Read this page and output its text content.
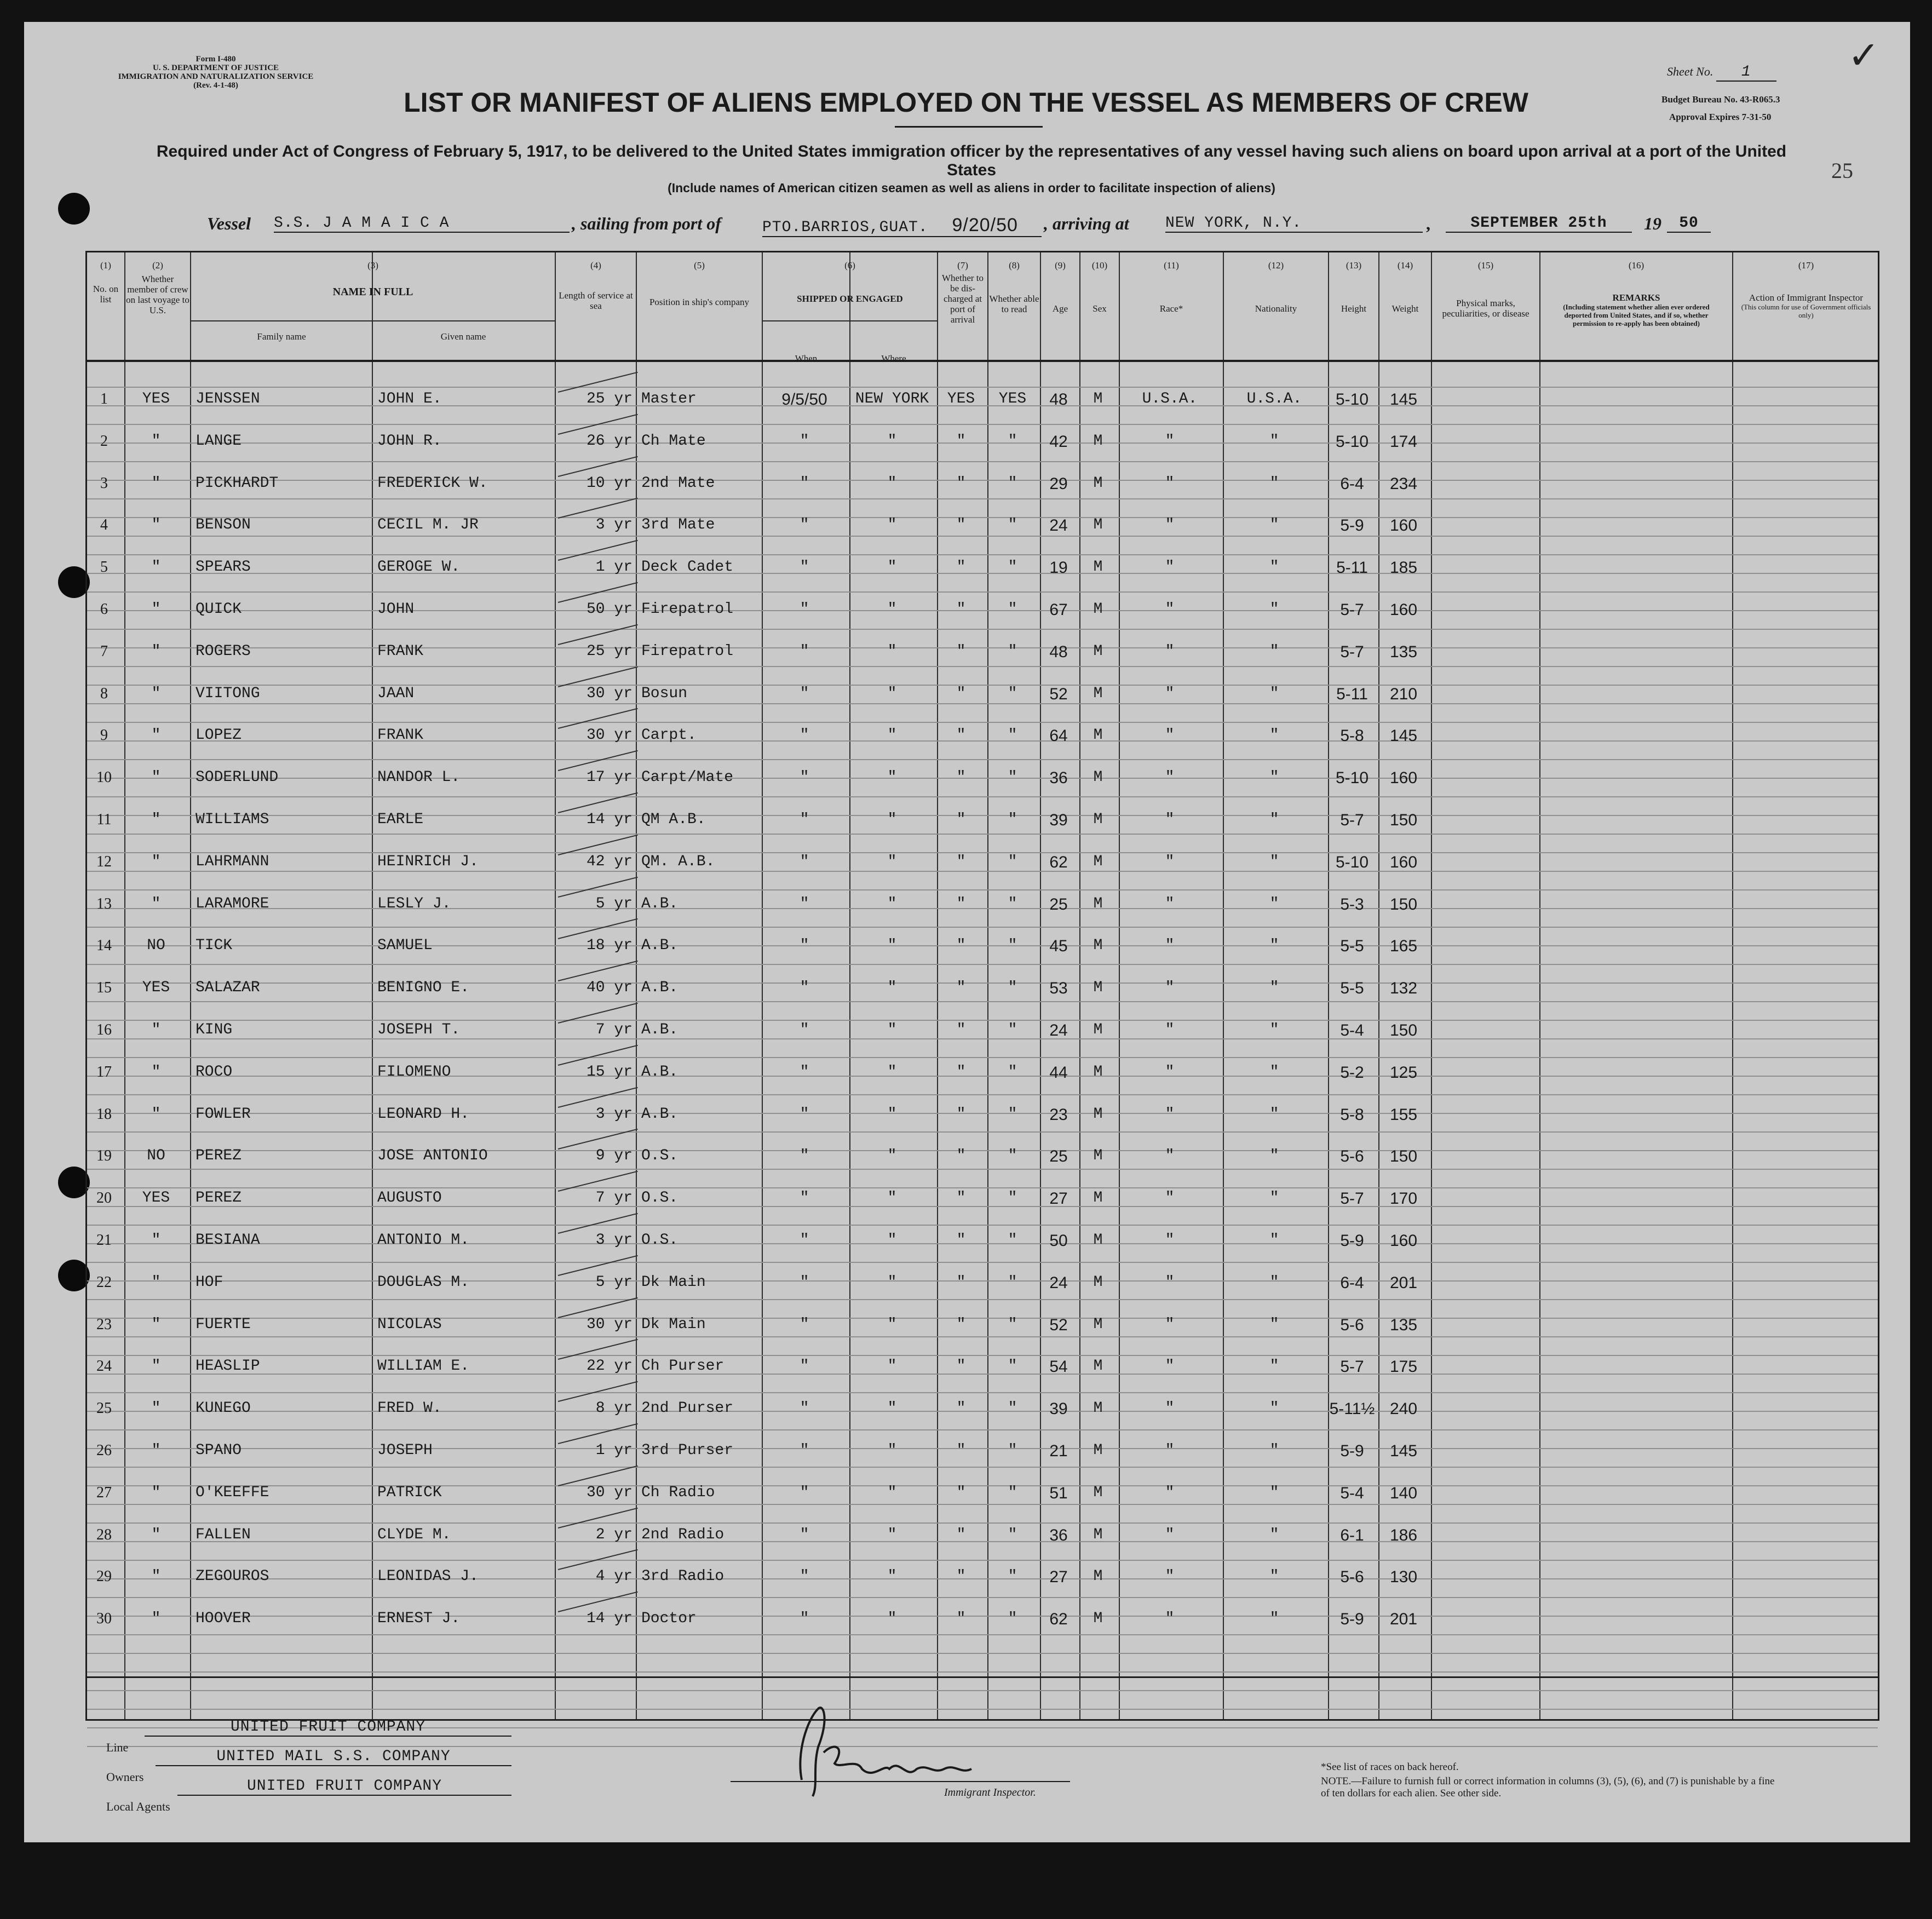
Form I-480
U. S. DEPARTMENT OF JUSTICE
IMMIGRATION AND NATURALIZATION SERVICE
(Rev. 4-1-48)
LIST OR MANIFEST OF ALIENS EMPLOYED ON THE VESSEL AS MEMBERS OF CREW
Sheet No. 1
Budget Bureau No. 43-R065.3
Approval Expires 7-31-50
25
✓
Required under Act of Congress of February 5, 1917, to be delivered to the United States immigration officer by the representatives of any vessel having such aliens on board upon arrival at a port of the United States
(Include names of American citizen seamen as well as aliens in order to facilitate inspection of aliens)
Vessel S.S. J A M A I C A	, sailing from port of	PTO.BARRIOS,GUAT. 9/20/50	, arriving at NEW YORK, N.Y.	,	SEPTEMBER 25th	19	50
(1)
No. on list
(2)
Whether member of crew on last voyage to U.S.
(3)
NAME IN FULL
Family name	Given name
(4)
Length of service at sea
(5)
Position in ship's company
(6)
SHIPPED OR ENGAGED
When	Where
(7)
Whether to be dis-charged at port of arrival
(8)
Whether able to read
(9)
Age
(10)
Sex
(11)
Race*
(12)
Nationality
(13)
Height
(14)
Weight
(15)
Physical marks, peculiarities, or disease
(16)
REMARKS
(Including statement whether alien ever ordered deported from United States, and if so, whether permission to re-apply has been obtained)
(17)
Action of Immigrant Inspector
(This column for use of Government officials only)
1	YES	JENSSEN	JOHN E.	25 yr Master	9/5/50	NEW YORK	YES	YES	48	M	U.S.A.	U.S.A.	5-10	145
2	"	LANGE	JOHN R.	26 yr Ch Mate	"	"	"	"	42	M	"	"	5-10	174
3	"	PICKHARDT	FREDERICK W.	10 yr 2nd Mate	"	"	"	"	29	M	"	"	6-4	234
4	"	BENSON	CECIL M. JR	3 yr 3rd Mate	"	"	"	"	24	M	"	"	5-9	160
5	"	SPEARS	GEROGE W.	1 yr Deck Cadet	"	"	"	"	19	M	"	"	5-11	185
6	"	QUICK	JOHN	50 yr Firepatrol	"	"	"	"	67	M	"	"	5-7	160
7	"	ROGERS	FRANK	25 yr Firepatrol	"	"	"	"	48	M	"	"	5-7	135
8	"	VIITONG	JAAN	30 yr Bosun	"	"	"	"	52	M	"	"	5-11	210
9	"	LOPEZ	FRANK	30 yr Carpt.	"	"	"	"	64	M	"	"	5-8	145
10	"	SODERLUND	NANDOR L.	17 yr Carpt/Mate	"	"	"	"	36	M	"	"	5-10	160
11	"	WILLIAMS	EARLE	14 yr QM A.B.	"	"	"	"	39	M	"	"	5-7	150
12	"	LAHRMANN	HEINRICH J.	42 yr QM. A.B.	"	"	"	"	62	M	"	"	5-10	160
13	"	LARAMORE	LESLY J.	5 yr A.B.	"	"	"	"	25	M	"	"	5-3	150
14	NO	TICK	SAMUEL	18 yr A.B.	"	"	"	"	45	M	"	"	5-5	165
15	YES	SALAZAR	BENIGNO E.	40 yr A.B.	"	"	"	"	53	M	"	"	5-5	132
16	"	KING	JOSEPH T.	7 yr A.B.	"	"	"	"	24	M	"	"	5-4	150
17	"	ROCO	FILOMENO	15 yr A.B.	"	"	"	"	44	M	"	"	5-2	125
18	"	FOWLER	LEONARD H.	3 yr A.B.	"	"	"	"	23	M	"	"	5-8	155
19	NO	PEREZ	JOSE ANTONIO	9 yr O.S.	"	"	"	"	25	M	"	"	5-6	150
20	YES	PEREZ	AUGUSTO	7 yr O.S.	"	"	"	"	27	M	"	"	5-7	170
21	"	BESIANA	ANTONIO M.	3 yr O.S.	"	"	"	"	50	M	"	"	5-9	160
22	"	HOF	DOUGLAS M.	5 yr Dk Main	"	"	"	"	24	M	"	"	6-4	201
23	"	FUERTE	NICOLAS	30 yr Dk Main	"	"	"	"	52	M	"	"	5-6	135
24	"	HEASLIP	WILLIAM E.	22 yr Ch Purser	"	"	"	"	54	M	"	"	5-7	175
25	"	KUNEGO	FRED W.	8 yr 2nd Purser	"	"	"	"	39	M	"	"	5-11½ 240
26	"	SPANO	JOSEPH	1 yr 3rd Purser	"	"	"	"	21	M	"	"	5-9	145
27	"	O'KEEFFE	PATRICK	30 yr Ch Radio	"	"	"	"	51	M	"	"	5-4	140
28	"	FALLEN	CLYDE M.	2 yr 2nd Radio	"	"	"	"	36	M	"	"	6-1	186
29	"	ZEGOUROS	LEONIDAS J.	4 yr 3rd Radio	"	"	"	"	27	M	"	"	5-6	130
30	"	HOOVER	ERNEST J.	14 yr Doctor	"	"	"	"	62	M	"	"	5-9	201
Line
UNITED FRUIT COMPANY
Owners
UNITED MAIL S.S. COMPANY
Local Agents
UNITED FRUIT COMPANY	Immigrant Inspector.
*See list of races on back hereof.
NOTE.—Failure to furnish full or correct information in columns (3), (5), (6), and (7) is punishable by a fine of ten dollars for each alien. See other side.
